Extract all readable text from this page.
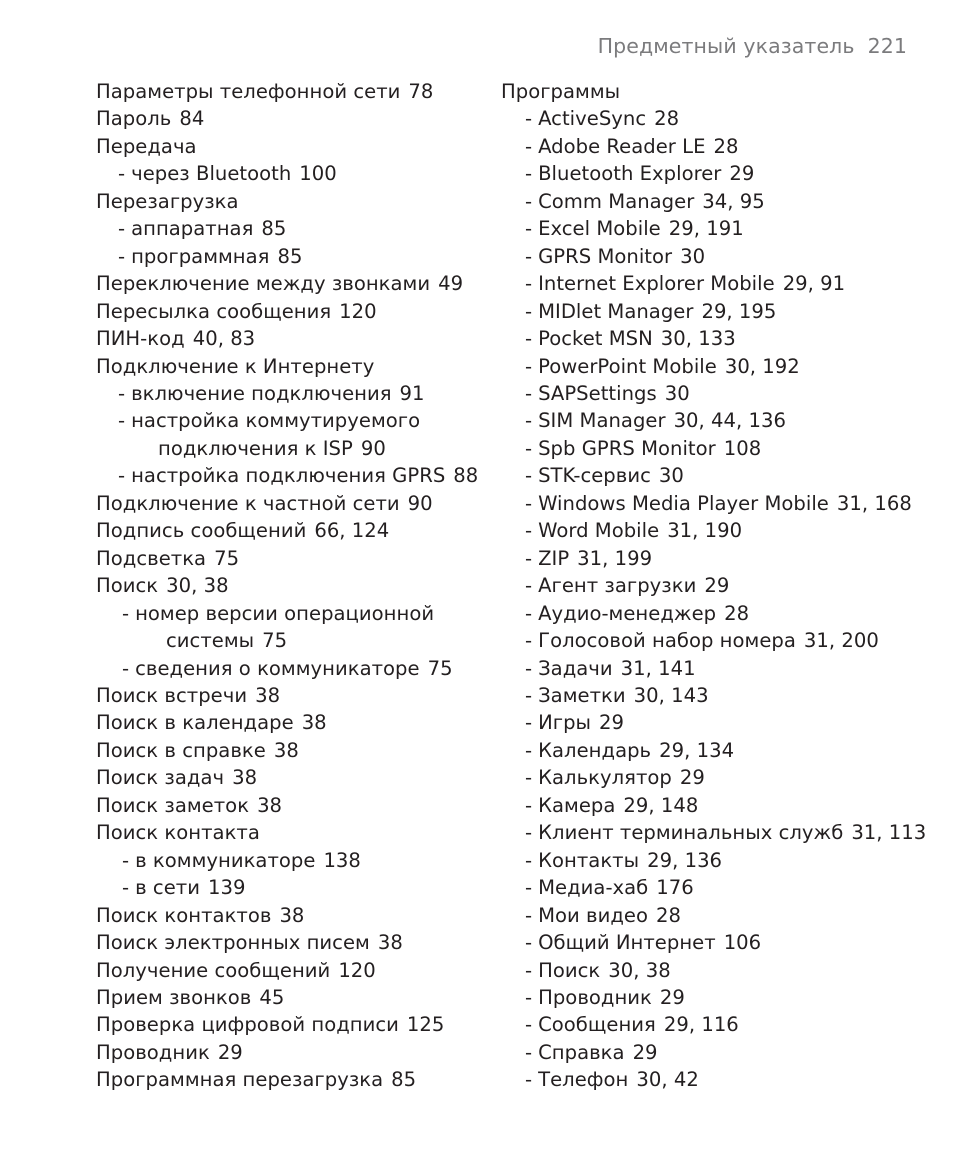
Предметный указатель 221
Параметры телефонной сети 78
Пароль 84
Передача
- через Bluetooth 100
Перезагрузка
- аппаратная 85
- программная 85
Переключение между звонками 49
Пересылка сообщения 120
ПИН-код 40, 83
Подключение к Интернету
- включение подключения 91
- настройка коммутируемого
подключения к ISP 90
- настройка подключения GPRS 88
Подключение к частной сети 90
Подпись сообщений 66, 124
Подсветка 75
Поиск 30, 38
- номер версии операционной
системы 75
- сведения о коммуникаторе 75
Поиск встречи 38
Поиск в календаре 38
Поиск в справке 38
Поиск задач 38
Поиск заметок 38
Поиск контакта
- в коммуникаторе 138
- в сети 139
Поиск контактов 38
Поиск электронных писем 38
Получение сообщений 120
Прием звонков 45
Проверка цифровой подписи 125
Проводник 29
Программная перезагрузка 85
Программы
- ActiveSync 28
- Adobe Reader LE 28
- Bluetooth Explorer 29
- Comm Manager 34, 95
- Excel Mobile 29, 191
- GPRS Monitor 30
- Internet Explorer Mobile 29, 91
- MIDlet Manager 29, 195
- Pocket MSN 30, 133
- PowerPoint Mobile 30, 192
- SAPSettings 30
- SIM Manager 30, 44, 136
- Spb GPRS Monitor 108
- STK-сервис 30
- Windows Media Player Mobile 31, 168
- Word Mobile 31, 190
- ZIP 31, 199
- Агент загрузки 29
- Аудио-менеджер 28
- Голосовой набор номера 31, 200
- Задачи 31, 141
- Заметки 30, 143
- Игры 29
- Календарь 29, 134
- Калькулятор 29
- Камера 29, 148
- Клиент терминальных служб 31, 113
- Контакты 29, 136
- Медиа-хаб 176
- Мои видео 28
- Общий Интернет 106
- Поиск 30, 38
- Проводник 29
- Сообщения 29, 116
- Справка 29
- Телефон 30, 42
